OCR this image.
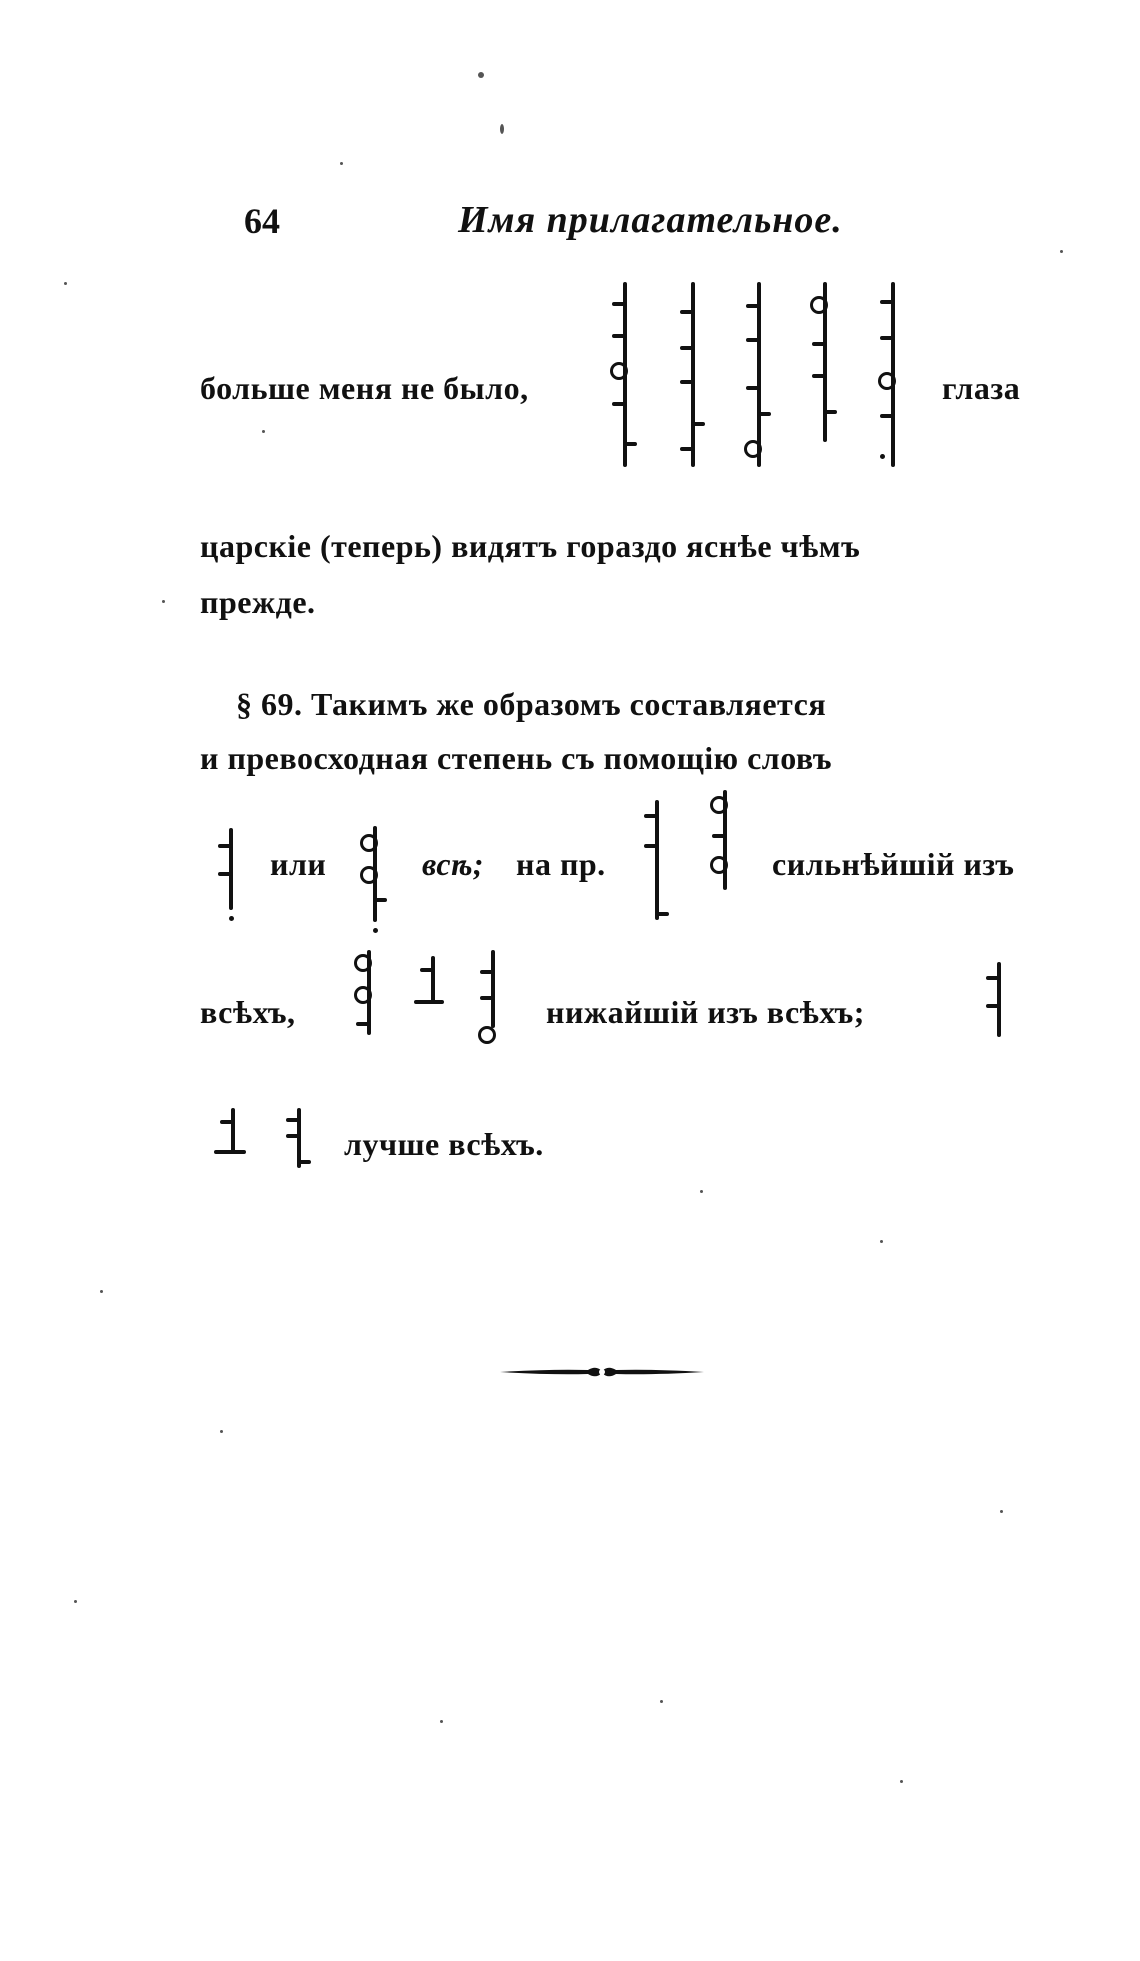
64	Имя прилагательное.
больше меня не было,	глаза
царскіе (теперь) видятъ гораздо яснѣе чѣмъ
прежде.
§ 69. Такимъ же образомъ составляется
и превосходная степень съ помощію словъ
или	всѣ; на пр.	сильнѣйшій изъ
всѣхъ,	нижайшій изъ всѣхъ;
лучше всѣхъ.
